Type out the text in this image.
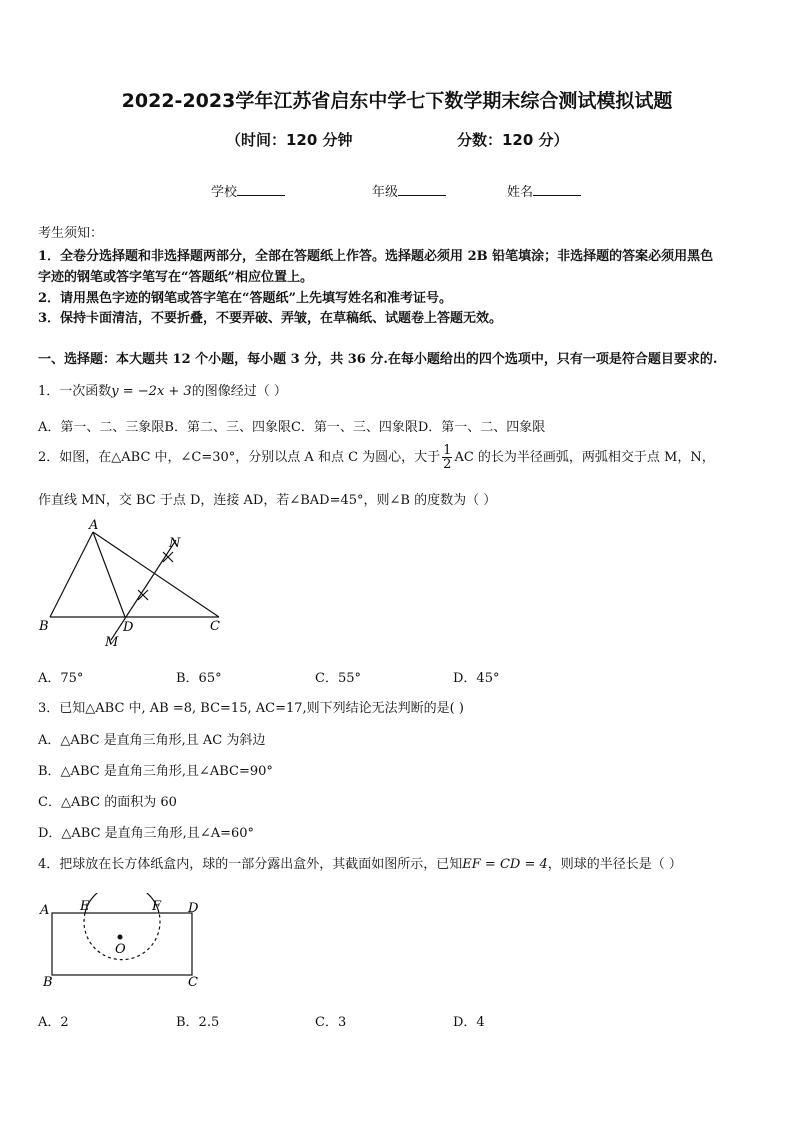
2022-2023学年江苏省启东中学七下数学期末综合测试模拟试题
（时间：120 分钟	分数：120 分）
学校	年级	姓名
考生须知：
1．全卷分选择题和非选择题两部分，全部在答题纸上作答。选择题必须用 2B 铅笔填涂；非选择题的答案必须用黑色
字迹的钢笔或答字笔写在“答题纸”相应位置上。
2．请用黑色字迹的钢笔或答字笔在“答题纸”上先填写姓名和准考证号。
3．保持卡面清洁，不要折叠，不要弄破、弄皱，在草稿纸、试题卷上答题无效。
一、选择题：本大题共 12 个小题，每小题 3 分，共 36 分.在每小题给出的四个选项中，只有一项是符合题目要求的.
1．一次函数y = −2x + 3的图像经过（ ）
A．第一、二、三象限B．第二、三、四象限C．第一、三、四象限D．第一、二、四象限
2．如图，在△ABC 中，∠C=30°，分别以点 A 和点 C 为圆心，大于 $\frac{1}{2}$ AC 的长为半径画弧，两弧相交于点 M，N，
作直线 MN，交 BC 于点 D，连接 AD，若∠BAD=45°，则∠B 的度数为（ ）
A
N
B	D	C
M
A．75°	B．65°	C．55°	D．45°
3．已知△ABC 中, AB =8, BC=15, AC=17,则下列结论无法判断的是( )
A．△ABC 是直角三角形,且 AC 为斜边
B．△ABC 是直角三角形,且∠ABC=90°
C．△ABC 的面积为 60
D．△ABC 是直角三角形,且∠A=60°
4．把球放在长方体纸盒内，球的一部分露出盒外，其截面如图所示，已知EF = CD = 4，则球的半径长是（ ）
A E	F D
O
B	C
A．2	B．2.5	C．3	D．4
